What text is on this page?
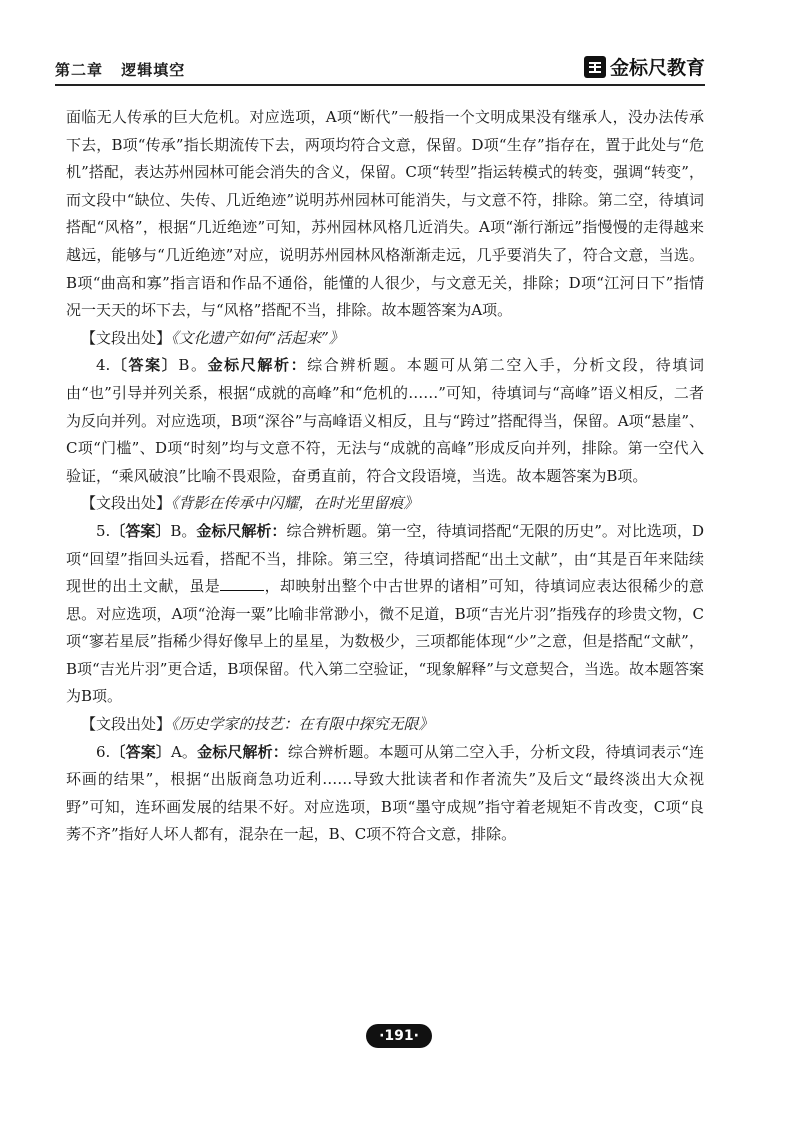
第二章 逻辑填空	金标尺教育

面临无人传承的巨大危机。对应选项，A项“断代”一般指一个文明成果没有继承人，没办法传承下去，B项“传承”指长期流传下去，两项均符合文意，保留。D项“生存”指存在，置于此处与“危机”搭配，表达苏州园林可能会消失的含义，保留。C项“转型”指运转模式的转变，强调“转变”，而文段中“缺位、失传、几近绝迹”说明苏州园林可能消失，与文意不符，排除。第二空，待填词搭配“风格”，根据“几近绝迹”可知，苏州园林风格几近消失。A项“渐行渐远”指慢慢的走得越来越远，能够与“几近绝迹”对应，说明苏州园林风格渐渐走远，几乎要消失了，符合文意，当选。B项“曲高和寡”指言语和作品不通俗，能懂的人很少，与文意无关，排除；D项“江河日下”指情况一天天的坏下去，与“风格”搭配不当，排除。故本题答案为A项。

【文段出处】《文化遗产如何“活起来”》

4.〔答案〕B。金标尺解析：综合辨析题。本题可从第二空入手，分析文段，待填词由“也”引导并列关系，根据“成就的高峰”和“危机的……”可知，待填词与“高峰”语义相反，二者为反向并列。对应选项，B项“深谷”与高峰语义相反，且与“跨过”搭配得当，保留。A项“悬崖”、C项“门槛”、D项“时刻”均与文意不符，无法与“成就的高峰”形成反向并列，排除。第一空代入验证，“乘风破浪”比喻不畏艰险，奋勇直前，符合文段语境，当选。故本题答案为B项。

【文段出处】《背影在传承中闪耀，在时光里留痕》

5.〔答案〕B。金标尺解析：综合辨析题。第一空，待填词搭配“无限的历史”。对比选项，D项“回望”指回头远看，搭配不当，排除。第三空，待填词搭配“出土文献”，由“其是百年来陆续现世的出土文献，虽是	，却映射出整个中古世界的诸相”可知，待填词应表达很稀少的意思。对应选项，A项“沧海一粟”比喻非常渺小，微不足道，B项“吉光片羽”指残存的珍贵文物，C项“寥若星辰”指稀少得好像早上的星星，为数极少，三项都能体现“少”之意，但是搭配“文献”，B项“吉光片羽”更合适，B项保留。代入第二空验证，“现象解释”与文意契合，当选。故本题答案为B项。

【文段出处】《历史学家的技艺：在有限中探究无限》

6.〔答案〕A。金标尺解析：综合辨析题。本题可从第二空入手，分析文段，待填词表示“连环画的结果”，根据“出版商急功近利……导致大批读者和作者流失”及后文“最终淡出大众视野”可知，连环画发展的结果不好。对应选项，B项“墨守成规”指守着老规矩不肯改变，C项“良莠不齐”指好人坏人都有，混杂在一起，B、C项不符合文意，排除。

·191·
